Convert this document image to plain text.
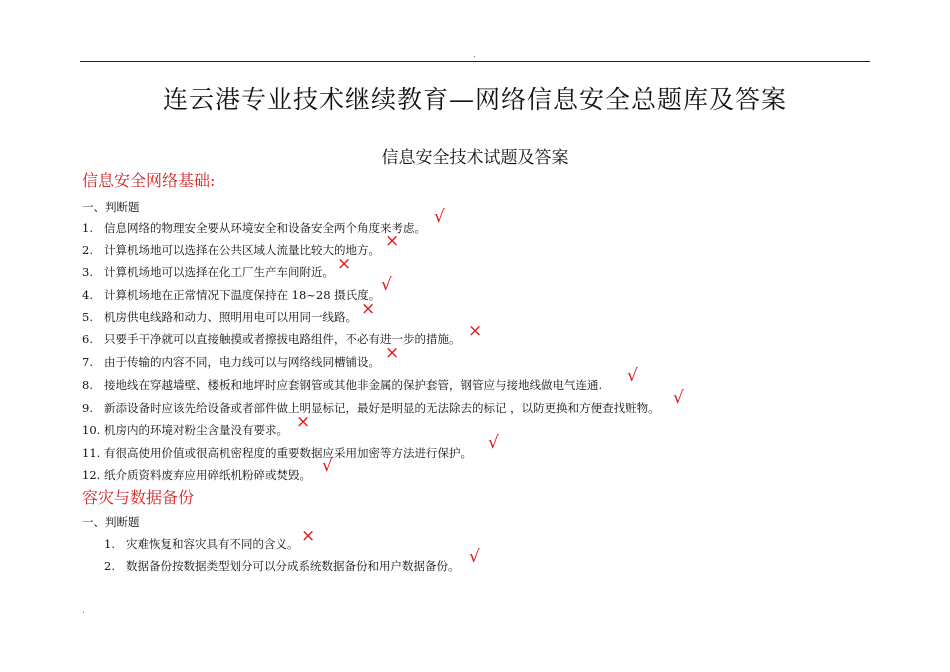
.
连云港专业技术继续教育—网络信息安全总题库及答案
信息安全技术试题及答案
信息安全网络基础:
一、判断题
1. 信息网络的物理安全要从环境安全和设备安全两个角度来考虑。
√
2. 计算机场地可以选择在公共区域人流量比较大的地方。 ×
3. 计算机场地可以选择在化工厂生产车间附近。 ×
4. 计算机场地在正常情况下温度保持在 18~28 摄氏度。 √
5. 机房供电线路和动力、照明用电可以用同一线路。 ×
6. 只要手干净就可以直接触摸或者擦拔电路组件，不必有进一步的措施。 ×
7. 由于传输的内容不同，电力线可以与网络线同槽铺设。 ×
8. 接地线在穿越墙壁、楼板和地坪时应套钢管或其他非金属的保护套管，钢管应与接地线做电气连通. √
9. 新添设备时应该先给设备或者部件做上明显标记，最好是明显的无法除去的标记 ，以防更换和方便查找赃物。 √
10. 机房内的环境对粉尘含量没有要求。 ×
11. 有很高使用价值或很高机密程度的重要数据应采用加密等方法进行保护。 √
12. 纸介质资料废弃应用碎纸机粉碎或焚毁。 √
容灾与数据备份
一、判断题
1. 灾难恢复和容灾具有不同的含义。 ×
2. 数据备份按数据类型划分可以分成系统数据备份和用户数据备份。 √
.
